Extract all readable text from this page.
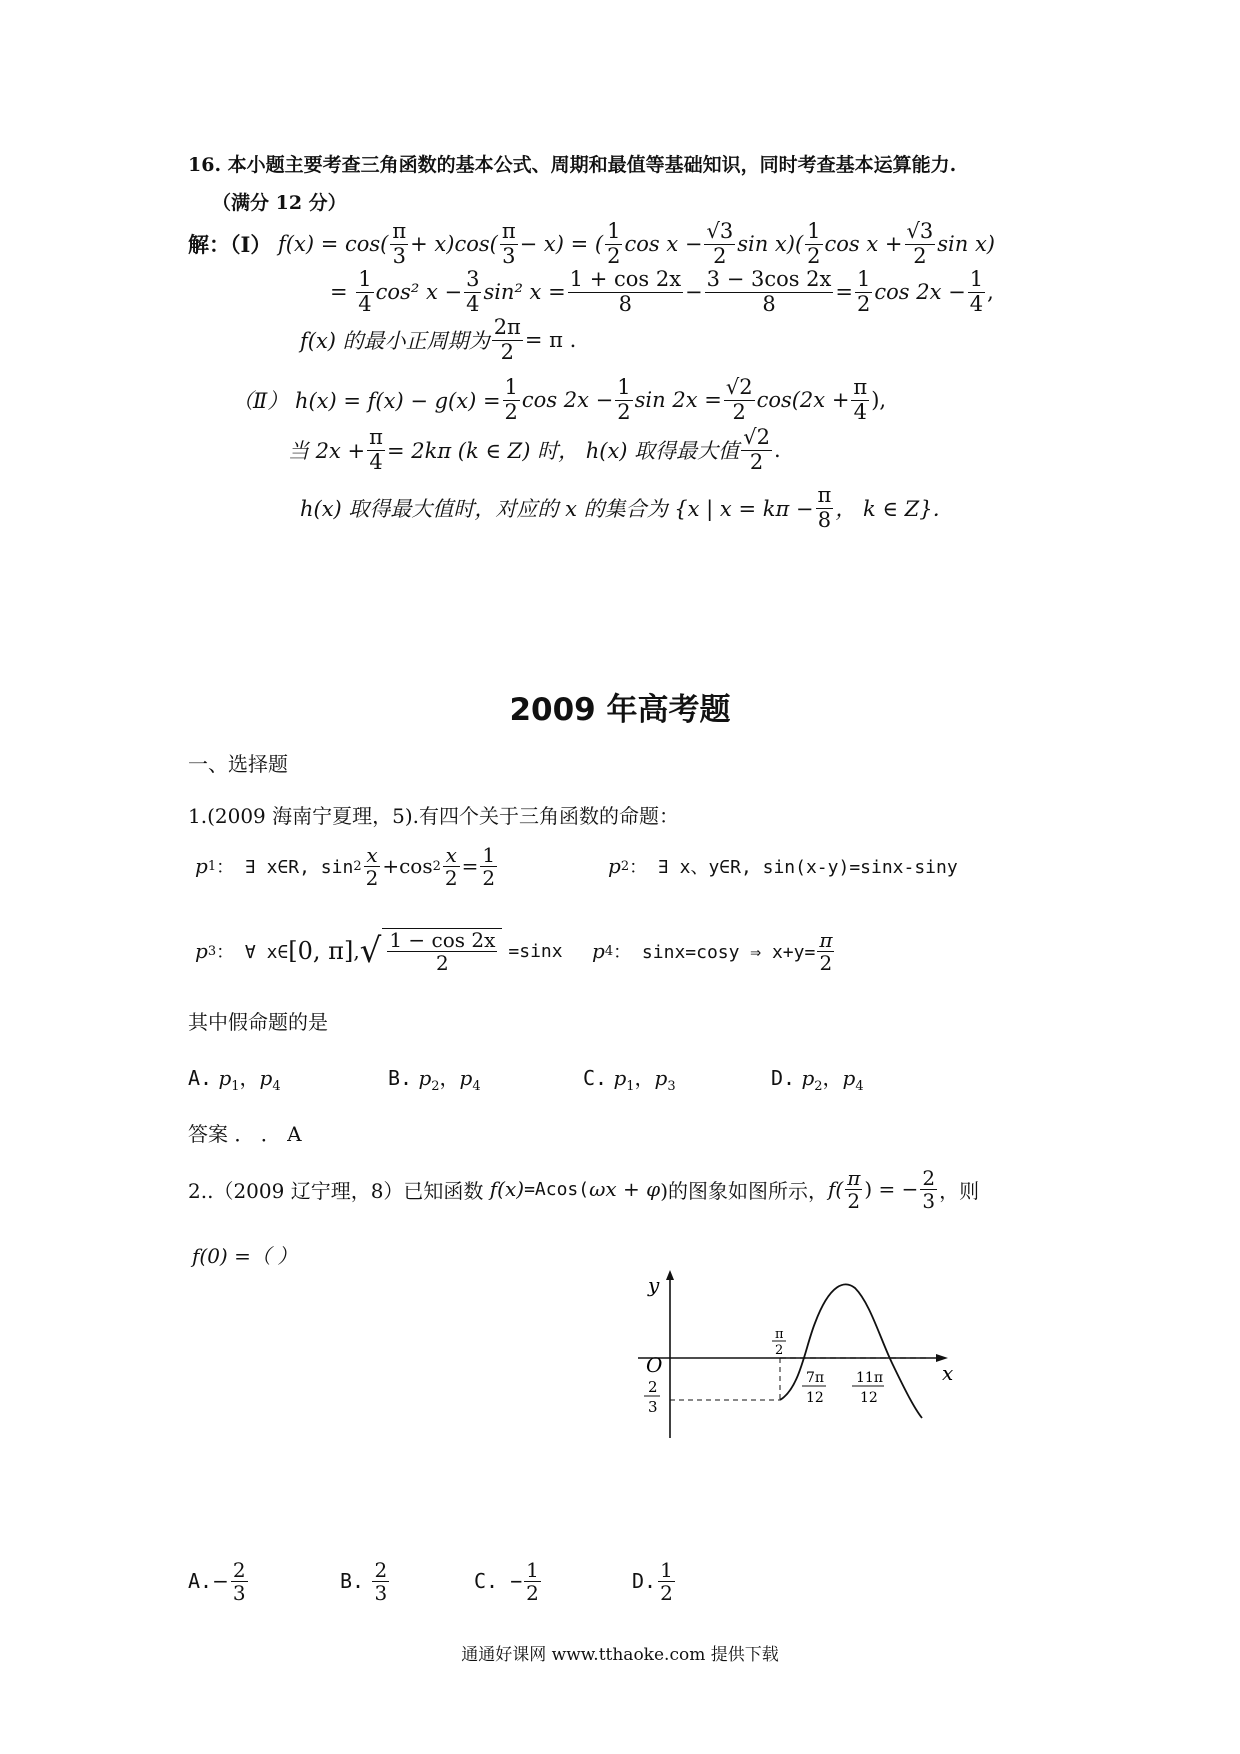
16. 本小题主要考查三角函数的基本公式、周期和最值等基础知识，同时考查基本运算能力.
（满分 12 分）
解：（Ⅰ）
$f(x) = \cos( \frac{\pi}{3} + x)\cos( \frac{\pi}{3} - x)$ = ( $\frac{1}{2}$ $\cos x - \frac{√3}{2}$ $\sin x)( \frac{1}{2}$ $\cos x + \frac{√3}{2}$ sin x)
=
$\frac{1}{4} \cos^2$ $x - \frac{3}{4} \sin^2$ $x = \frac{1 + \cos 2x}{8} - \frac{3 - 3\cos 2x}{8} = \frac{1}{2}$ $\cos 2x - \frac{1}{4}$ ,
f(x) 的最小正周期为 $\frac{2\pi}{2} = \pi$ .
（Ⅱ） $h(x) = f(x) - g(x) = \frac{1}{2}$ $\cos 2x - \frac{1}{2}$ $\sin 2x = \frac{√2}{2} \cos(2x + \frac{\pi}{4}$ ),
当 $2x + \frac{\pi}{4} = 2k\pi$ (k ∈ Z) 时， h(x) 取得最大值 $\frac{√2}{2}$ .
h(x) 取得最大值时，对应的 x 的集合为 {x | $x = k\pi - \frac{\pi}{8}$ ， k ∈ Z}．
2009 年高考题
一、选择题
1.(2009 海南宁夏理，5).有四个关于三角函数的命题：
p 1 ： ∃ x∈R, $\sin 2 \frac{x}{2} +\cos$ $2 \frac{x}{2} = \frac{1}{2}$	p 2 ： ∃ x、y∈R, sin(x-y)=sinx-siny
p 3 ： ∀ x∈ [0, π] , √ $\frac{1 - \cos 2x}{2} =\sin x$ p 4 ： sinx=cosy ⇒ $x+y= \frac{\pi}{2}$
其中假命题的是
A. $p_1$，$p_4$	B. $p_2$，$p_4$	C. $p_1$，$p_3$	D. $p_2$，$p_4$
答案 ． ． A
2..（2009 辽宁理，8）已知函数
f(x) =Acos( ωx + φ )的图象如图所示， $f( \frac{\pi}{2}$ ) = − $\frac{2}{3}$ ，则
f(0) =（ ）
y
x
O
π
2
2
3
7π
12
11π
12
A. − $\frac{2}{3}$	B.
$\frac{2}{3}$	C. − $\frac{1}{2}$	D. $\frac{1}{2}$
通通好课网 www.tthaoke.com 提供下载
